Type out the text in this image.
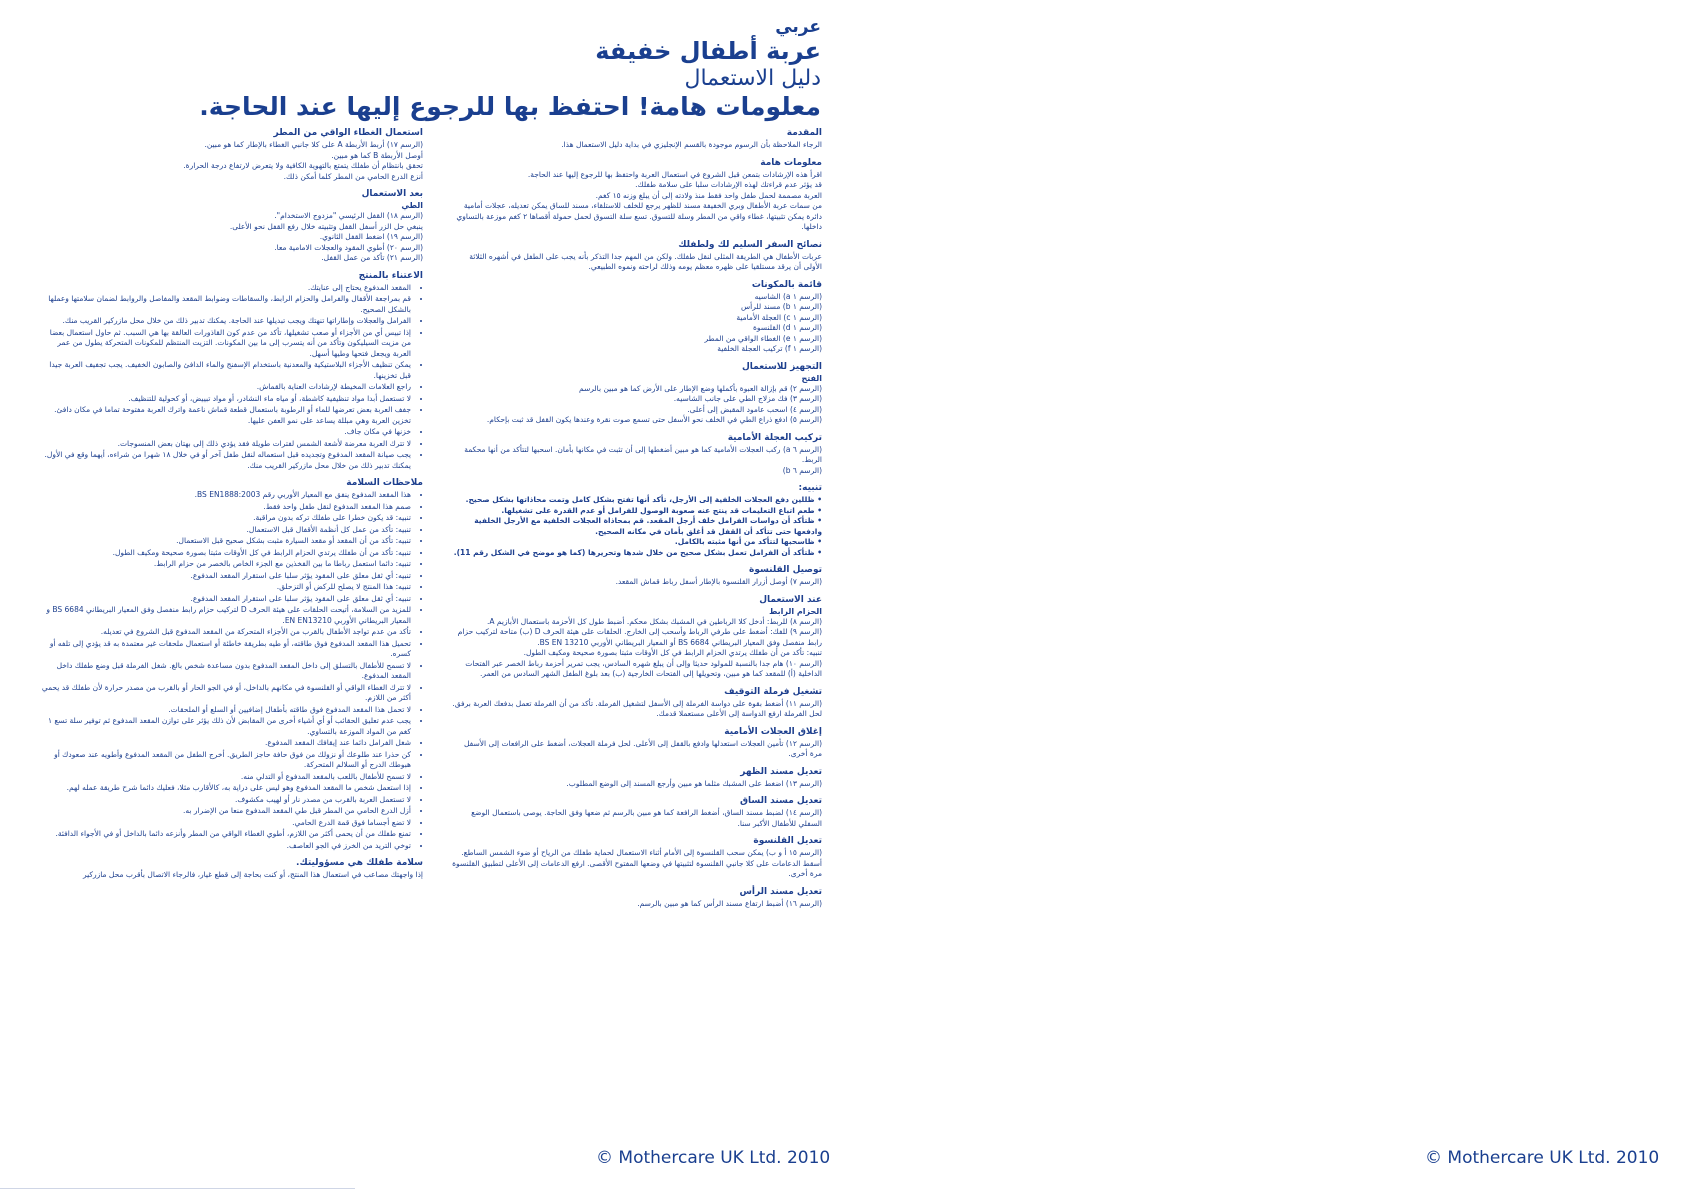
عربي
عربة أطفال خفيفة
دليل الاستعمال
معلومات هامة! احتفظ بها للرجوع إليها عند الحاجة.
المقدمة
الرجاء الملاحظة بأن الرسوم موجودة بالقسم الإنجليزي في بداية دليل الاستعمال هذا.
معلومات هامة
اقرأ هذه الإرشادات بتمعن قبل الشروع في استعمال العربة واحتفظ بها للرجوع إليها عند الحاجة.
قد يؤثر عدم قراءتك لهذه الإرشادات سلبا على سلامة طفلك.
العربة مصممة لحمل طفل واحد فقط منذ ولادته إلى أن يبلغ وزنه ١٥ كغم.
من سمات عربة الأطفال وبري الخفيفة مسند للظهر يرجع للخلف للاستلقاء، مسند للساق يمكن تعديله، عجلات أمامية دائرة يمكن تثبيتها، غطاء واقي من المطر وسلة للتسوق. تسع سلة التسوق لحمل حمولة أقصاها ٢ كغم موزعة بالتساوي داخلها.
نصائح السفر السليم لك ولطفلك
عربات الأطفال هي الطريقة المثلى لنقل طفلك. ولكن من المهم جدا التذكر بأنه يجب على الطفل في أشهره الثلاثة الأولى أن يرقد مستلقيا على ظهره معظم يومه وذلك لراحته ونموه الطبيعي.
قائمة بالمكونات
(الرسم ١ a) الشاسيه
(الرسم ١ b) مسند للرأس
(الرسم ١ c) العجلة الأمامية
(الرسم ١ d) القلنسوة
(الرسم ١ e) الغطاء الواقي من المطر
(الرسم ١ f) تركيب العجلة الخلفية
التجهيز للاستعمال
الفتح
(الرسم ٢) قم بإزالة العبوة بأكملها وضع الإطار على الأرض كما هو مبين بالرسم
(الرسم ٣) فك مزلاج الطي على جانب الشاسيه.
(الرسم ٤) اسحب عامود المقبض إلى أعلى.
(الرسم ٥) ادفع ذراع الطي في الخلف نحو الأسفل حتى تسمع صوت نقرة وعندها يكون القفل قد ثبت بإحكام.
تركيب العجلة الأمامية
(الرسم ٦ a) ركب العجلات الأمامية كما هو مبين أضغطها إلى أن تثبت في مكانها بأمان. اسحبها لتتأكد من أنها محكمة الربط.
(الرسم ٦ b)
تنبيه:
• ظللين دفع العجلات الخلفية إلى الأرجل، تأكد أنها تفتح بشكل كامل وتمت محاذاتها بشكل صحيح.
• طعم اتباع التعليمات قد ينتج عنه صعوبة الوصول للفرامل أو عدم القدرة على تشغيلها.
• ظتأكد أن دواسات الفرامل خلف أرجل المقعد. قم بمحاذاة العجلات الخلفية مع الأرجل الخلفية وادفعها حتى تتأكد أن القفل قد أغلق بأمان في مكانه الصحيح.
• ظاسحبها لتتأكد من أنها مثبته بالكامل.
• ظتأكد أن الفرامل تعمل بشكل صحيح من خلال شدها وتحريرها (كما هو موضح في الشكل رقم 11).
توصيل القلنسوة
(الرسم ٧) أوصل أزرار القلنسوة بالإطار أسفل رباط قماش المقعد.
عند الاستعمال
الحزام الرابط
(الرسم ٨) للربط: أدخل كلا الرباطين في المشبك بشكل محكم. أضبط طول كل الأحزمة باستعمال الأبازيم A.
(الرسم ٩) للفك: أضغط على طرفي الرباط وأسحب إلى الخارج. الحلقات على هيئة الحرف D (ب) متاحة لتركيب حزام رابط منفصل وفق المعيار البريطاني BS 6684 أو المعيار البريطاني الأوربي BS EN 13210.
تنبيه: تأكد من أن طفلك يرتدي الحزام الرابط في كل الأوقات مثبتا بصورة صحيحة ومكيف الطول.
(الرسم ١٠) هام جدا بالنسبة للمولود حديثا وإلى أن يبلغ شهره السادس، يجب تمرير أحزمة رباط الخصر عبر الفتحات الداخلية (أ) للمقعد كما هو مبين، وتحويلها إلى الفتحات الخارجية (ب) بعد بلوغ الطفل الشهر السادس من العمر.
تشغيل فرملة التوقيف
(الرسم ١١) أضغط بقوة على دواسة الفرملة إلى الأسفل لتشغيل الفرملة. تأكد من أن الفرملة تعمل بدفعك العربة برفق. لحل الفرملة ارفع الدواسة إلى الأعلى مستعملا قدمك.
إغلاق العجلات الأمامية
(الرسم ١٢) تأمين العجلات استعدلها وادفع بالقفل إلى الأعلى. لحل فرملة العجلات، أضغط على الرافعات إلى الأسفل مرة أخرى.
تعديل مسند الظهر
(الرسم ١٣) اضغط على المشبك مثلما هو مبين وأرجع المسند إلى الوضع المطلوب.
تعديل مسند الساق
(الرسم ١٤) لضبط مسند الساق، أضغط الرافعة كما هو مبين بالرسم ثم ضعها وفق الحاجة. يوصى باستعمال الوضع السفلي للأطفال الأكبر سنا.
تعديل القلنسوة
(الرسم ١٥ أ و ب) يمكن سحب القلنسوة إلى الأمام أثناء الاستعمال لحماية طفلك من الرياح أو ضوء الشمس الساطع. أسقط الدعامات على كلا جانبي القلنسوة لتثبيتها في وضعها المفتوح الأقصى. ارفع الدعامات إلى الأعلى لتطبيق القلنسوة مرة أخرى.
تعديل مسند الرأس
(الرسم ١٦) أضبط ارتفاع مسند الرأس كما هو مبين بالرسم.
استعمال الغطاء الواقي من المطر
(الرسم ١٧) أربط الأربطة A على كلا جانبي الغطاء بالإطار كما هو مبين.
أوصل الأربطة B كما هو مبين.
تحقق بانتظام أن طفلك يتمتع بالتهوية الكافية ولا يتعرض لارتفاع درجة الحرارة.
أنزع الدرع الحامي من المطر كلما أمكن ذلك.
بعد الاستعمال
الطي
(الرسم ١٨) القفل الرئيسي "مزدوج الاستخدام".
ينبغي حل الزر أسفل القفل وتثبيته خلال رفع القفل نحو الأعلى.
(الرسم ١٩) اضغط القفل الثانوي.
(الرسم ٢٠) أطوي المقود والعجلات الامامية معا.
(الرسم ٢١) تأكد من عمل القفل.
الاعتناء بالمنتج
• المقعد المدفوع يحتاج إلى عنايتك.
• قم بمراجعة الأقفال والفرامل والحزام الرابط، والسقاطات وضوابط المقعد والمفاصل والروابط لضمان سلامتها وعملها بالشكل الصحيح.
• الفرامل والعجلات وإطاراتها تنهتك ويجب تبديلها عند الحاجة. يمكنك تدبير ذلك من خلال محل مازركير القريب منك.
• إذا تبيس أي من الأجزاء أو صعب تشغيلها، تأكد من عدم كون القاذورات العالقة بها هي السبب. ثم حاول استعمال بعضا من مزيت السيليكون وتأكد من أنه يتسرب إلى ما بين المكونات. التزيت المنتظم للمكونات المتحركة يطول من عمر العربة ويجعل فتحها وطيها أسهل.
• يمكن تنظيف الأجزاء البلاستيكية والمعدنية باستخدام الإسفنج والماء الدافئ والصابون الخفيف. يجب تجفيف العربة جيدا قبل تخزينها.
• راجع العلامات المخيطة لإرشادات العناية بالقماش.
• لا تستعمل أبدا مواد تنظيفية كاشطة، أو مياه ماء النشادر، أو مواد تبييض، أو كحولية للتنظيف.
• جفف العربة بعض تعرضها للماء أو الرطوبة باستعمال قطعة قماش ناعمة واترك العربة مفتوحة تماما في مكان دافئ. تخزين العربة وهي مبللة يساعد على نمو العفن عليها.
• خزنها في مكان جاف.
• لا تترك العربة معرضة لأشعة الشمس لفترات طويلة فقد يؤدي ذلك إلى بهتان بعض المنسوجات.
• يجب صيانة المقعد المدفوع وتجديده قبل استعماله لنقل طفل آخر أو في خلال ١٨ شهرا من شراءه، أيهما وقع في الأول. يمكنك تدبير ذلك من خلال محل مازركير القريب منك.
ملاحظات السلامة
• هذا المقعد المدفوع ينفق مع المعيار الأوربي رقم BS EN1888:2003.
• صمم هذا المقعد المدفوع لنقل طفل واحد فقط.
• تنبيه: قد يكون خطرا على طفلك تركه بدون مراقبة.
• تنبيه: تأكد من عمل كل أنظمة الأقفال قبل الاستعمال.
• تنبيه: تأكد من أن المقعد أو مقعد السيارة مثبت بشكل صحيح قبل الاستعمال.
• تنبيه: تأكد من أن طفلك يرتدي الحزام الرابط في كل الأوقات مثبتا بصورة صحيحة ومكيف الطول.
• تنبيه: دائما استعمل رباطا ما بين الفخذين مع الجزء الخاص بالخصر من حزام الرابط.
• تنبيه: أي ثقل معلق على المقود يؤثر سلبا على استقرار المقعد المدفوع.
• تنبيه: هذا المنتج لا يصلح للركض أو التزحلق.
• تنبيه: أي ثقل معلق على المقود يؤثر سلبا على استقرار المقعد المدفوع.
• للمزيد من السلامة، أتيحت الحلقات على هيئة الحرف D لتركيب حزام رابط منفصل وفق المعيار البريطاني BS 6684 و المعيار البريطاني الأوربي EN EN13210.
• تأكد من عدم تواجد الأطفال بالقرب من الأجزاء المتحركة من المقعد المدفوع قبل الشروع في تعديله.
• تحميل هذا المقعد المدفوع فوق طاقته، أو طيه بطريقة خاطئة أو استعمال ملحقات غير معتمدة به قد يؤدي إلى تلفه أو كسره.
• لا تسمح للأطفال بالتسلق إلى داخل المقعد المدفوع بدون مساعدة شخص بالغ. شغل الفرملة قبل وضع طفلك داخل المقعد المدفوع.
• لا تترك الغطاء الواقي أو القلنسوة في مكانهم بالداخل، أو في الجو الحار أو بالقرب من مصدر حرارة لأن طفلك قد يحمي أكثر من اللازم.
• لا تحمل هذا المقعد المدفوع فوق طاقته بأطفال إضافيين أو السلع أو الملحقات.
• يجب عدم تعليق الحقائب أو أي أشياء أخرى من المقابض لأن ذلك يؤثر على توازن المقعد المدفوع ثم توفير سلة تسع ١ كغم من المواد الموزعة بالتساوي.
• شغل الفرامل دائما عند إيقافك المقعد المدفوع.
• كن حذرا عند طلوعك أو نزولك من فوق حافة حاجز الطريق. أخرج الطفل من المقعد المدفوع وأطويه عند صعودك أو هبوطك الدرج أو السلالم المتحركة.
• لا تسمح للأطفال باللعب بالمقعد المدفوع أو التدلي منه.
• إذا استعمل شخص ما المقعد المدفوع وهو ليس على دراية به، كالأقارب مثلا، فعليك دائما شرح طريقة عمله لهم.
• لا تستعمل العربة بالقرب من مصدر نار أو لهيب مكشوف.
• أزل الدرع الحامي من المطر قبل طي المقعد المدفوع منعا من الإضرار به.
• لا تضع أجساما فوق قمة الدرع الحامي.
• تمنع طفلك من أن يحمى أكثر من اللازم، أطوي الغطاء الواقي من المطر وأنزعه دائما بالداخل أو في الأجواء الدافئة.
• توخي التريد من الخرز في الجو العاصف.
سلامة طفلك هي مسؤوليتك.
إذا واجهتك مصاعب في استعمال هذا المنتج، أو كنت بحاجة إلى قطع غيار، فالرجاء الاتصال بأقرب محل مازركير
© Mothercare UK Ltd. 2010	© Mothercare UK Ltd. 2010
